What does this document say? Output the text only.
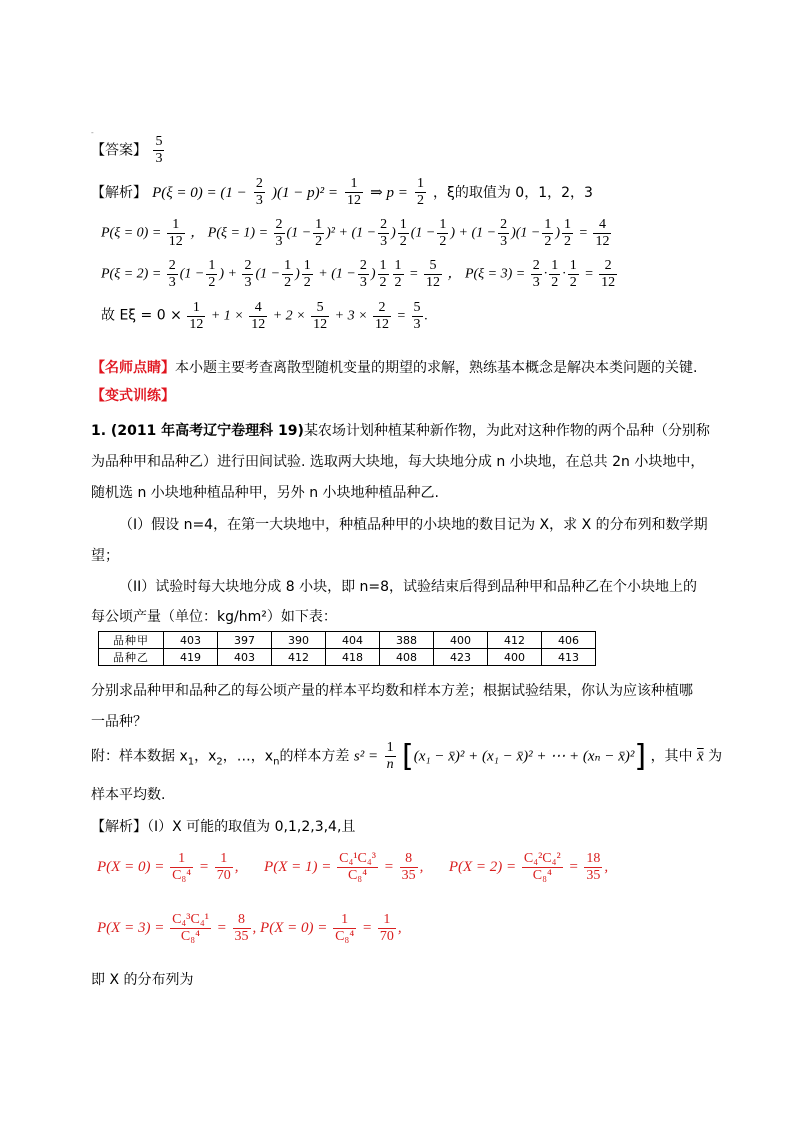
‐
【答案】 $\frac{5}{3}$
【解析】 $P(\xi = 0) = (1 - \frac{2}{3} )(1 - p)^2 = \frac{1}{12}$ ⇒ $p = \frac{1}{2}$ ，ξ的取值为 0，1，2，3
$P(\xi = 0) = \frac{1}{12}$ ， $P(\xi = 1) = \frac{2}{3} (1 - \frac{1}{2} )^2 + (1 - \frac{2}{3}$ ) $\frac{1}{2} (1 - \frac{1}{2}$ ) + $(1 - \frac{2}{3} )(1 - \frac{1}{2}$ ) $\frac{1}{2} = \frac{4}{12}$
$P(\xi = 2) = \frac{2}{3} (1 - \frac{1}{2}$ ) + $\frac{2}{3} (1 - \frac{1}{2}$ ) $\frac{1}{2} + (1 - \frac{2}{3}$ ) $\frac{1}{2} \frac{1}{2} = \frac{5}{12}$ ， $P(\xi = 3) = \frac{2}{3} \cdot \frac{1}{2} \cdot \frac{1}{2} = \frac{2}{12}$
故 $E\xi = 0 \times \frac{1}{12} + 1 \times \frac{4}{12} + 2 \times \frac{5}{12} + 3 \times \frac{2}{12} = \frac{5}{3}$ .
【名师点睛】本小题主要考查离散型随机变量的期望的求解，熟练基本概念是解决本类问题的关键.
【变式训练】
1. (2011 年高考辽宁卷理科 19)某农场计划种植某种新作物，为此对这种作物的两个品种（分别称
为品种甲和品种乙）进行田间试验. 选取两大块地，每大块地分成 n 小块地，在总共 2n 小块地中，
随机选 n 小块地种植品种甲，另外 n 小块地种植品种乙.
（I）假设 n=4，在第一大块地中，种植品种甲的小块地的数目记为 X，求 X 的分布列和数学期
望；
（II）试验时每大块地分成 8 小块，即 n=8，试验结束后得到品种甲和品种乙在个小块地上的
每公顷产量（单位：kg/hm²）如下表：
品种甲	403	397	390	404	388	400	412	406
品种乙	419	403	412	418	408	423	400	413
分别求品种甲和品种乙的每公顷产量的样本平均数和样本方差；根据试验结果，你认为应该种植哪
一品种？
附：样本数据 $x_1$，$x_2$，…，$x_n$的样本方差 $s^2 = \frac{1}{n} [(x_1$ − x̄)² + (x₁ − x̄)² + ⋯ + (xₙ − x̄)²] ，其中 x̄ 为
样本平均数.
【解析】（I）X 可能的取值为 0,1,2,3,4,且
$P(X = 0) = \frac{1}{\text{C₈⁴}} = \frac{1}{70}$ , $P(X = 1) = \frac{\text{C₄¹C₄³}}{\text{C₈⁴}} = \frac{8}{35}$ , $P(X = 2) = \frac{\text{C₄²C₄²}}{\text{C₈⁴}} = \frac{18}{35}$ ,
$P(X = 3) = \frac{\text{C₄³C₄¹}}{\text{C₈⁴}} = \frac{8}{35}$ , $P(X = 0) = \frac{1}{\text{C₈⁴}} = \frac{1}{70}$ ,
即 X 的分布列为
